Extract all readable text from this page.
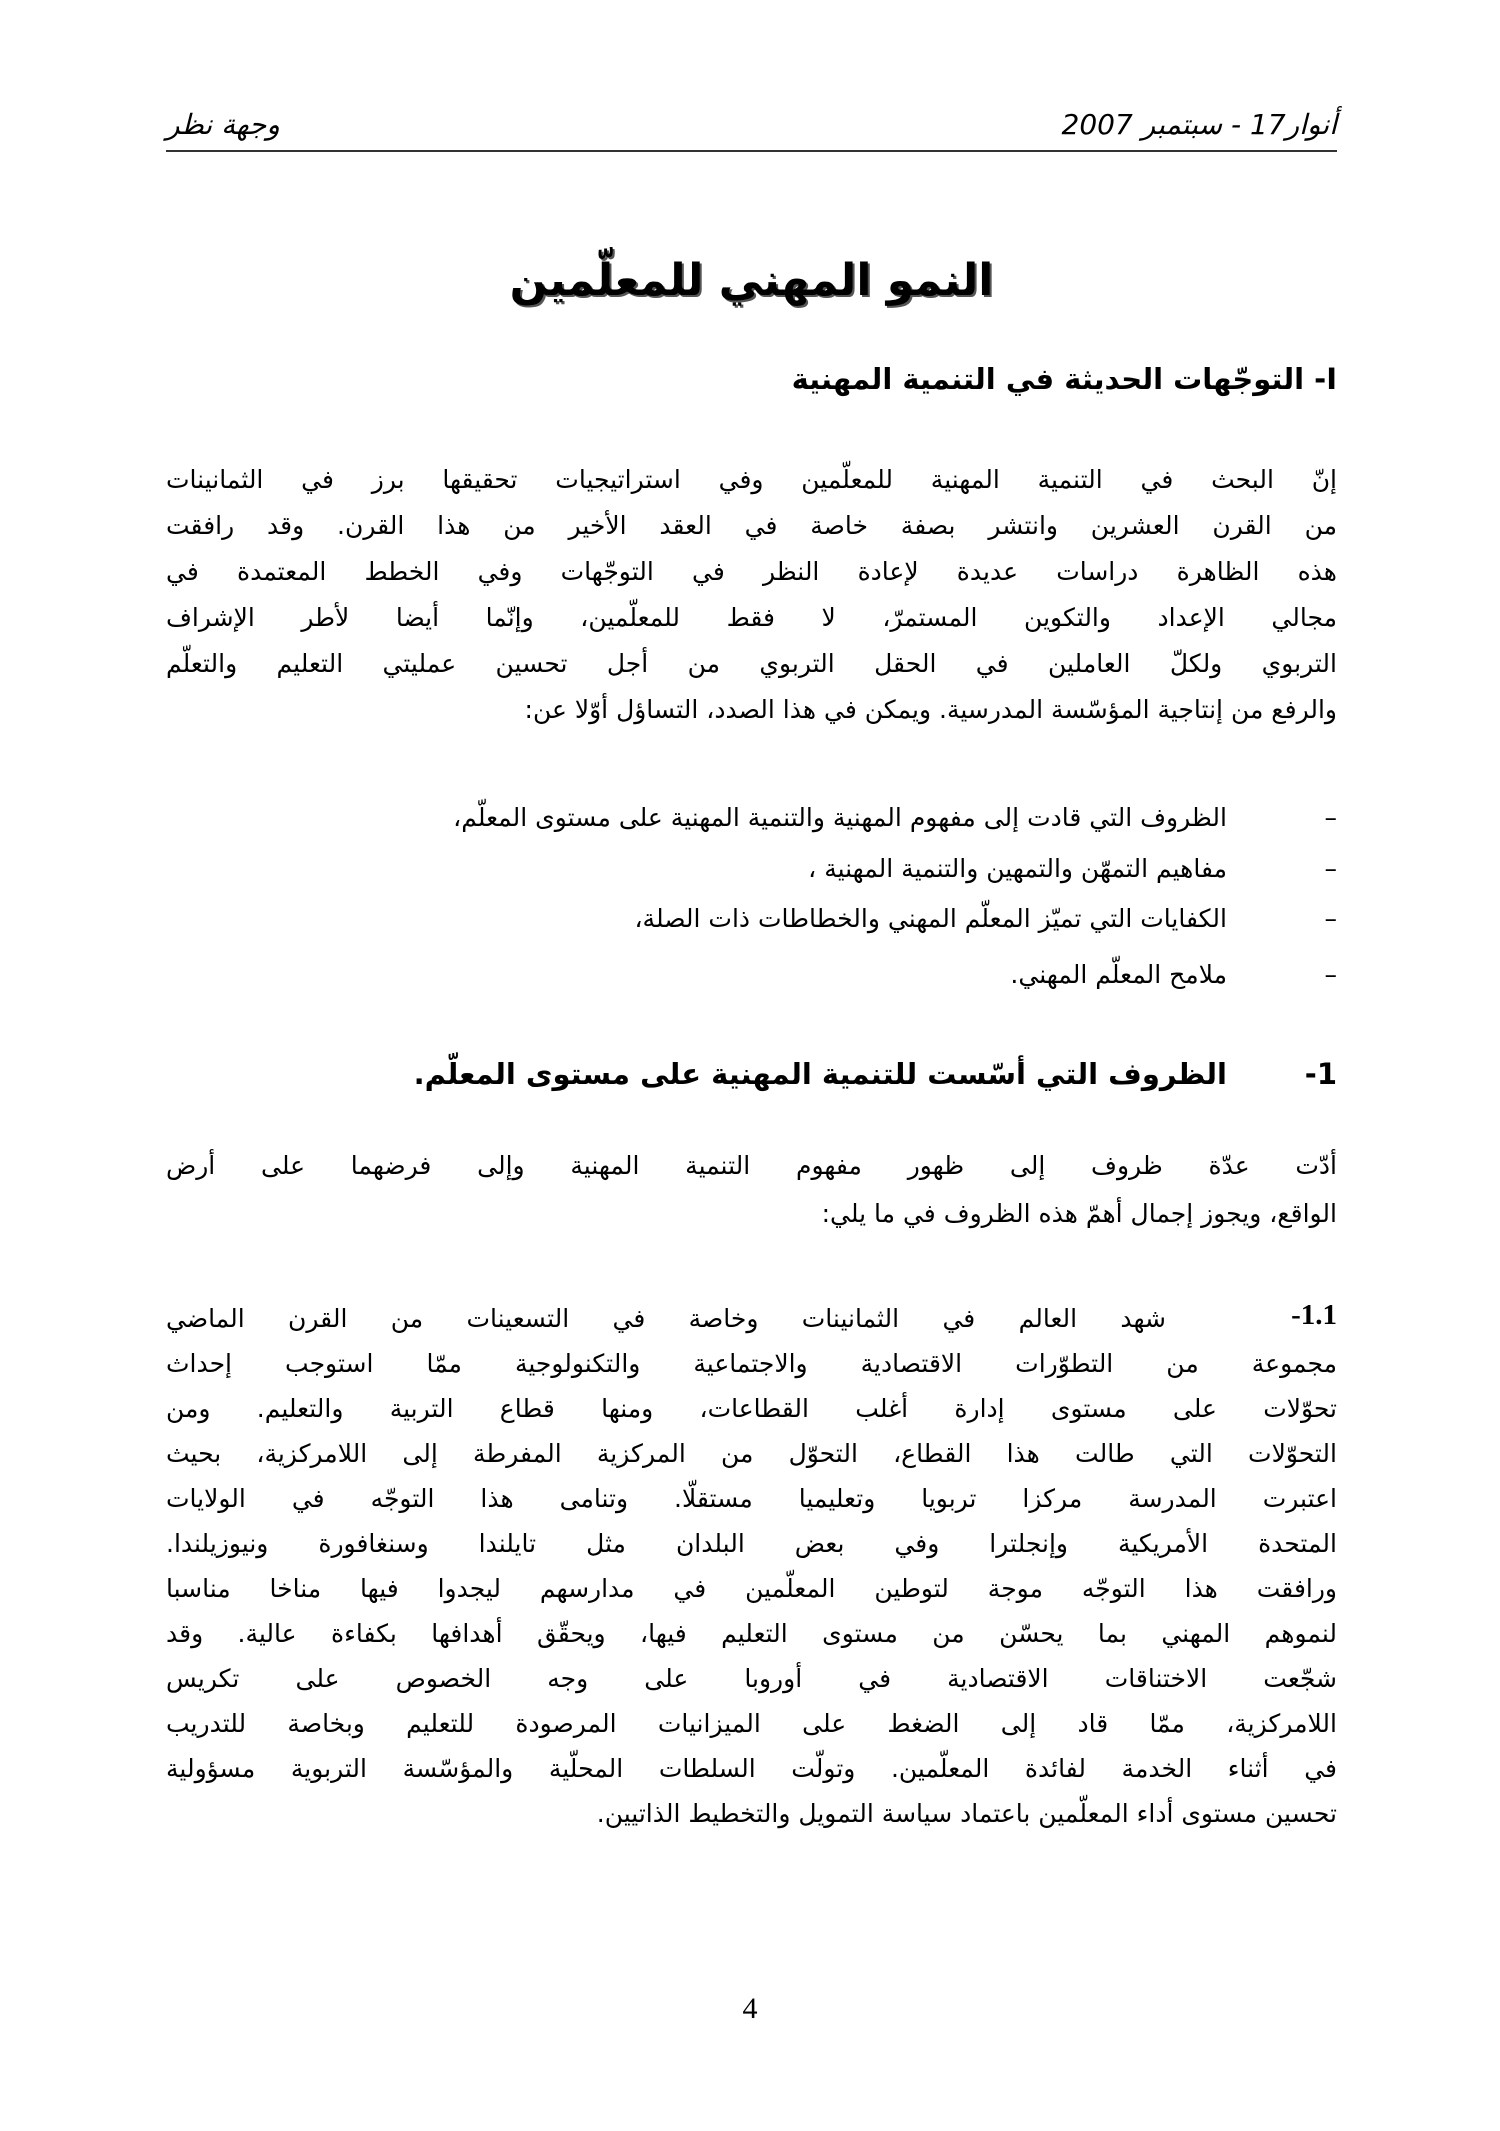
أنوار17 - سبتمبر 2007
وجهة نظر
النمو المهني للمعلّمين
I- التوجّهات الحديثة في التنمية المهنية
إنّ البحث في التنمية المهنية للمعلّمين وفي استراتيجيات تحقيقها برز في الثمانينات
من القرن العشرين وانتشر بصفة خاصة في العقد الأخير من هذا القرن. وقد رافقت
هذه الظاهرة دراسات عديدة لإعادة النظر في التوجّهات وفي الخطط المعتمدة في
مجالي الإعداد والتكوين المستمرّ، لا فقط للمعلّمين، وإنّما أيضا لأطر الإشراف
التربوي ولكلّ العاملين في الحقل التربوي من أجل تحسين عمليتي التعليم والتعلّم
والرفع من إنتاجية المؤسّسة المدرسية. ويمكن في هذا الصدد، التساؤل أوّلا عن:
–الظروف التي قادت إلى مفهوم المهنية والتنمية المهنية على مستوى المعلّم،
–مفاهيم التمهّن والتمهين والتنمية المهنية ،
–الكفايات التي تميّز المعلّم المهني والخطاطات ذات الصلة،
–ملامح المعلّم المهني.
1-الظروف التي أسّست للتنمية المهنية على مستوى المعلّم.
أدّت عدّة ظروف إلى ظهور مفهوم التنمية المهنية وإلى فرضهما على أرض
الواقع، ويجوز إجمال أهمّ هذه الظروف في ما يلي:
1.1-
شهد العالم في الثمانينات وخاصة في التسعينات من القرن الماضي
مجموعة من التطوّرات الاقتصادية والاجتماعية والتكنولوجية ممّا استوجب إحداث
تحوّلات على مستوى إدارة أغلب القطاعات، ومنها قطاع التربية والتعليم. ومن
التحوّلات التي طالت هذا القطاع، التحوّل من المركزية المفرطة إلى اللامركزية، بحيث
اعتبرت المدرسة مركزا تربويا وتعليميا مستقلّا. وتنامى هذا التوجّه في الولايات
المتحدة الأمريكية وإنجلترا وفي بعض البلدان مثل تايلندا وسنغافورة ونيوزيلندا.
ورافقت هذا التوجّه موجة لتوطين المعلّمين في مدارسهم ليجدوا فيها مناخا مناسبا
لنموهم المهني بما يحسّن من مستوى التعليم فيها، ويحقّق أهدافها بكفاءة عالية. وقد
شجّعت الاختناقات الاقتصادية في أوروبا على وجه الخصوص على تكريس
اللامركزية، ممّا قاد إلى الضغط على الميزانيات المرصودة للتعليم وبخاصة للتدريب
في أثناء الخدمة لفائدة المعلّمين. وتولّت السلطات المحلّية والمؤسّسة التربوية مسؤولية
تحسين مستوى أداء المعلّمين باعتماد سياسة التمويل والتخطيط الذاتيين.
4
